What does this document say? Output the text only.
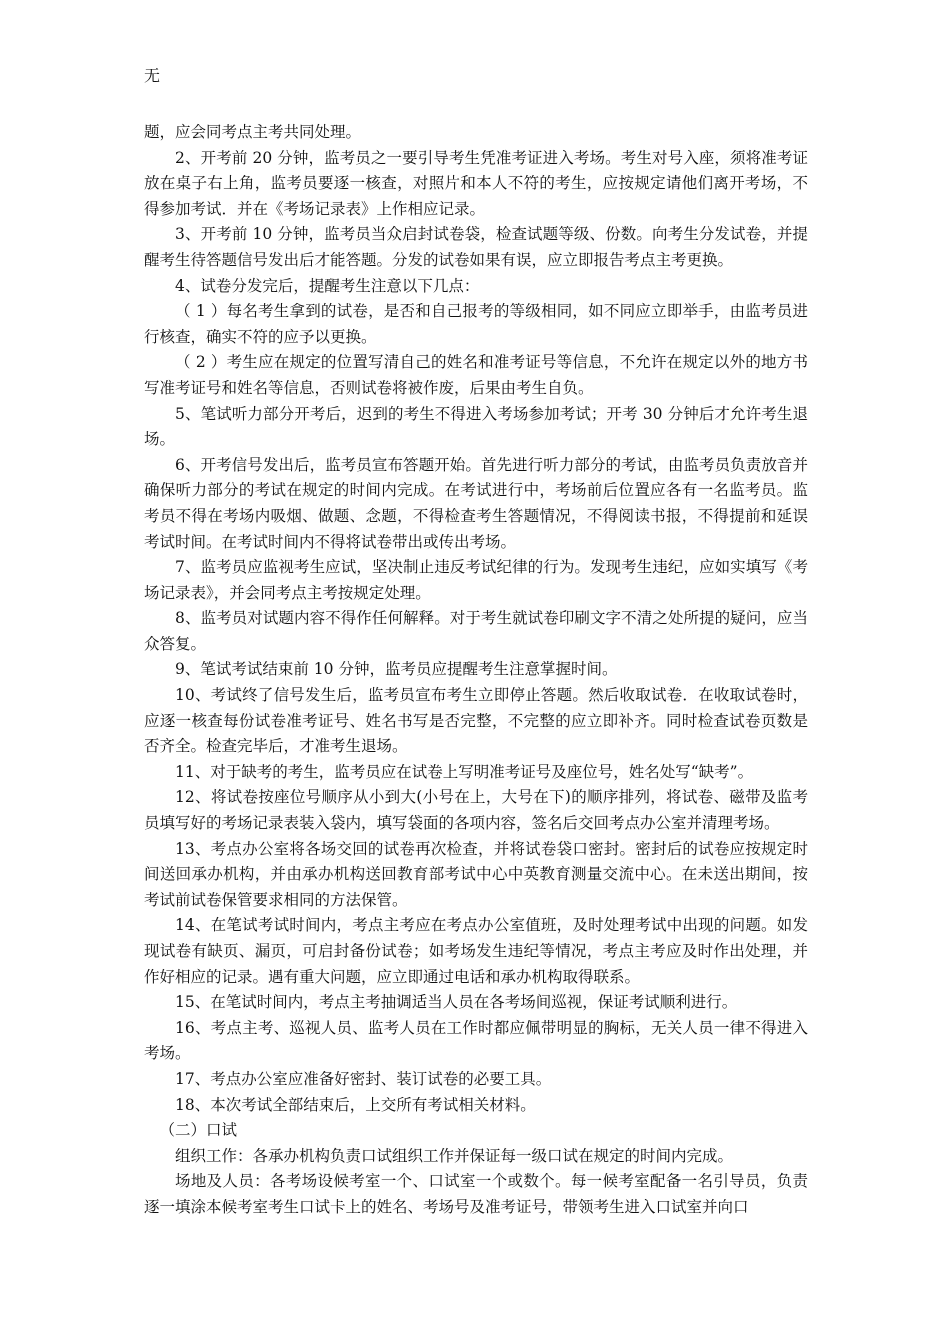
无

题，应会同考点主考共同处理。

2、开考前 20 分钟，监考员之一要引导考生凭准考证进入考场。考生对号入座，须将准考证放在桌子右上角，监考员要逐一核查，对照片和本人不符的考生，应按规定请他们离开考场，不得参加考试．并在《考场记录表》上作相应记录。

3、开考前 10 分钟，监考员当众启封试卷袋，检查试题等级、份数。向考生分发试卷，并提醒考生待答题信号发出后才能答题。分发的试卷如果有误，应立即报告考点主考更换。

4、试卷分发完后，提醒考生注意以下几点：

（ 1 ）每名考生拿到的试卷，是否和自己报考的等级相同，如不同应立即举手，由监考员进行核查，确实不符的应予以更换。

（ 2 ）考生应在规定的位置写清自己的姓名和准考证号等信息，不允许在规定以外的地方书写准考证号和姓名等信息，否则试卷将被作废，后果由考生自负。

5、笔试听力部分开考后，迟到的考生不得进入考场参加考试；开考 30 分钟后才允许考生退场。

6、开考信号发出后，监考员宣布答题开始。首先进行听力部分的考试，由监考员负责放音并确保听力部分的考试在规定的时间内完成。在考试进行中，考场前后位置应各有一名监考员。监考员不得在考场内吸烟、做题、念题，不得检查考生答题情况，不得阅读书报，不得提前和延误考试时间。在考试时间内不得将试卷带出或传出考场。

7、监考员应监视考生应试，坚决制止违反考试纪律的行为。发现考生违纪，应如实填写《考场记录表》，并会同考点主考按规定处理。

8、监考员对试题内容不得作任何解释。对于考生就试卷印刷文字不清之处所提的疑问，应当众答复。

9、笔试考试结束前 10 分钟，监考员应提醒考生注意掌握时间。

10、考试终了信号发生后，监考员宣布考生立即停止答题。然后收取试卷．在收取试卷时，应逐一核查每份试卷准考证号、姓名书写是否完整，不完整的应立即补齐。同时检查试卷页数是否齐全。检查完毕后，才准考生退场。

11、对于缺考的考生，监考员应在试卷上写明准考证号及座位号，姓名处写“缺考”。

12、将试卷按座位号顺序从小到大(小号在上，大号在下)的顺序排列，将试卷、磁带及监考员填写好的考场记录表装入袋内，填写袋面的各项内容，签名后交回考点办公室并清理考场。

13、考点办公室将各场交回的试卷再次检查，并将试卷袋口密封。密封后的试卷应按规定时间送回承办机构，并由承办机构送回教育部考试中心中英教育测量交流中心。在未送出期间，按考试前试卷保管要求相同的方法保管。

14、在笔试考试时间内，考点主考应在考点办公室值班，及时处理考试中出现的问题。如发现试卷有缺页、漏页，可启封备份试卷；如考场发生违纪等情况，考点主考应及时作出处理，并作好相应的记录。遇有重大问题，应立即通过电话和承办机构取得联系。

15、在笔试时间内，考点主考抽调适当人员在各考场间巡视，保证考试顺利进行。

16、考点主考、巡视人员、监考人员在工作时都应佩带明显的胸标，无关人员一律不得进入考场。

17、考点办公室应准备好密封、装订试卷的必要工具。

18、本次考试全部结束后，上交所有考试相关材料。

（二）口试

组织工作：各承办机构负责口试组织工作并保证每一级口试在规定的时间内完成。

场地及人员：各考场设候考室一个、口试室一个或数个。每一候考室配备一名引导员，负责逐一填涂本候考室考生口试卡上的姓名、考场号及准考证号，带领考生进入口试室并向口
